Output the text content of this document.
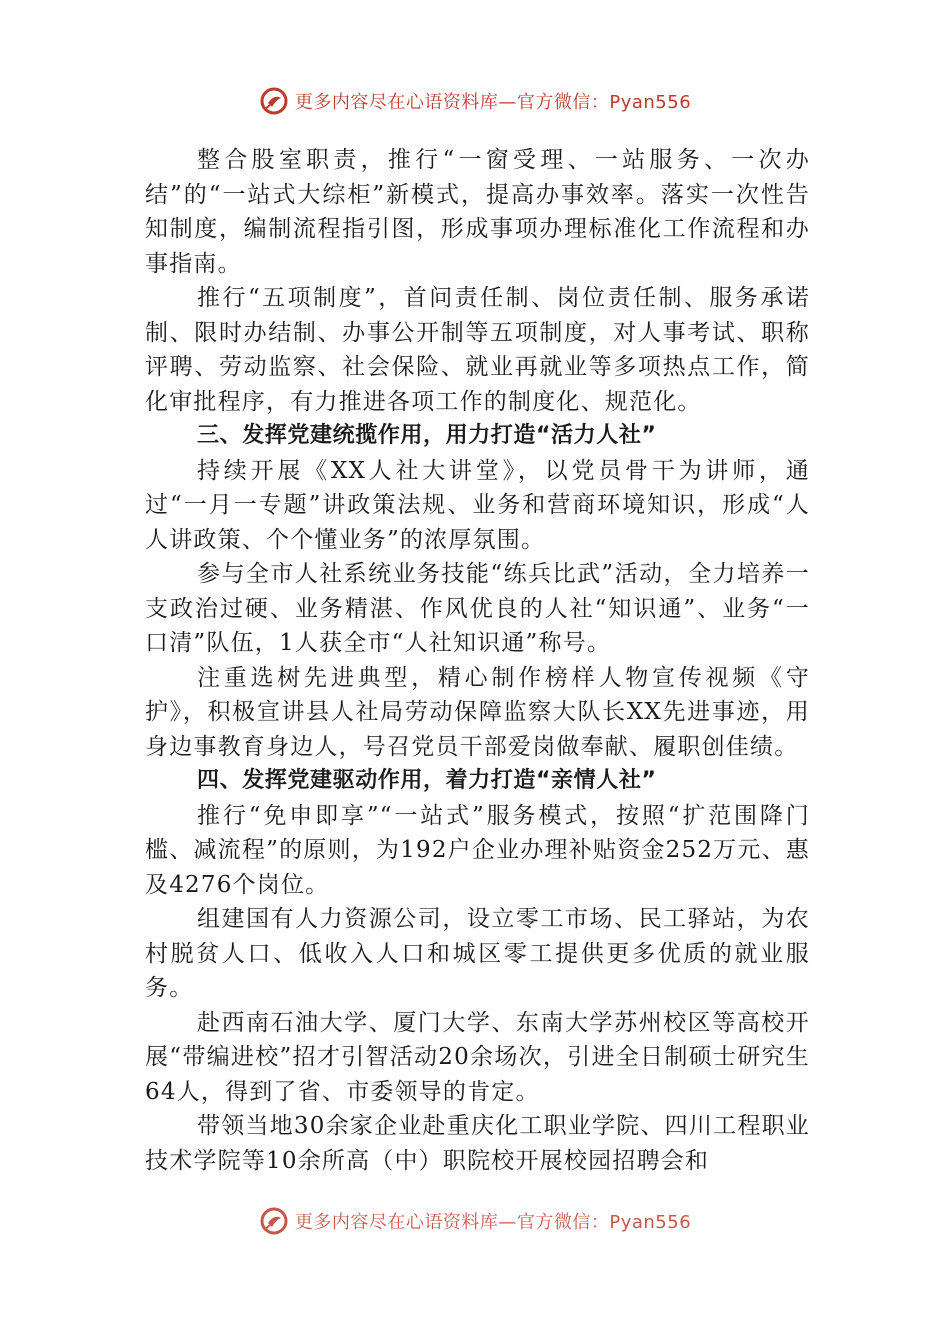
更多内容尽在心语资料库—官方微信：Pyan556

整合股室职责，推行“一窗受理、一站服务、一次办结”的“一站式大综柜”新模式，提高办事效率。落实一次性告知制度，编制流程指引图，形成事项办理标准化工作流程和办事指南。

推行“五项制度”，首问责任制、岗位责任制、服务承诺制、限时办结制、办事公开制等五项制度，对人事考试、职称评聘、劳动监察、社会保险、就业再就业等多项热点工作，简化审批程序，有力推进各项工作的制度化、规范化。

三、发挥党建统揽作用，用力打造“活力人社”

持续开展《XX人社大讲堂》，以党员骨干为讲师，通过“一月一专题”讲政策法规、业务和营商环境知识，形成“人人讲政策、个个懂业务”的浓厚氛围。

参与全市人社系统业务技能“练兵比武”活动，全力培养一支政治过硬、业务精湛、作风优良的人社“知识通”、业务“一口清”队伍，1人获全市“人社知识通”称号。

注重选树先进典型，精心制作榜样人物宣传视频《守护》，积极宣讲县人社局劳动保障监察大队长XX先进事迹，用身边事教育身边人，号召党员干部爱岗做奉献、履职创佳绩。

四、发挥党建驱动作用，着力打造“亲情人社”

推行“免申即享”“一站式”服务模式，按照“扩范围降门槛、减流程”的原则，为192户企业办理补贴资金252万元、惠及4276个岗位。

组建国有人力资源公司，设立零工市场、民工驿站，为农村脱贫人口、低收入人口和城区零工提供更多优质的就业服务。

赴西南石油大学、厦门大学、东南大学苏州校区等高校开展“带编进校”招才引智活动20余场次，引进全日制硕士研究生64人，得到了省、市委领导的肯定。

带领当地30余家企业赴重庆化工职业学院、四川工程职业技术学院等10余所高（中）职院校开展校园招聘会和

更多内容尽在心语资料库—官方微信：Pyan556
